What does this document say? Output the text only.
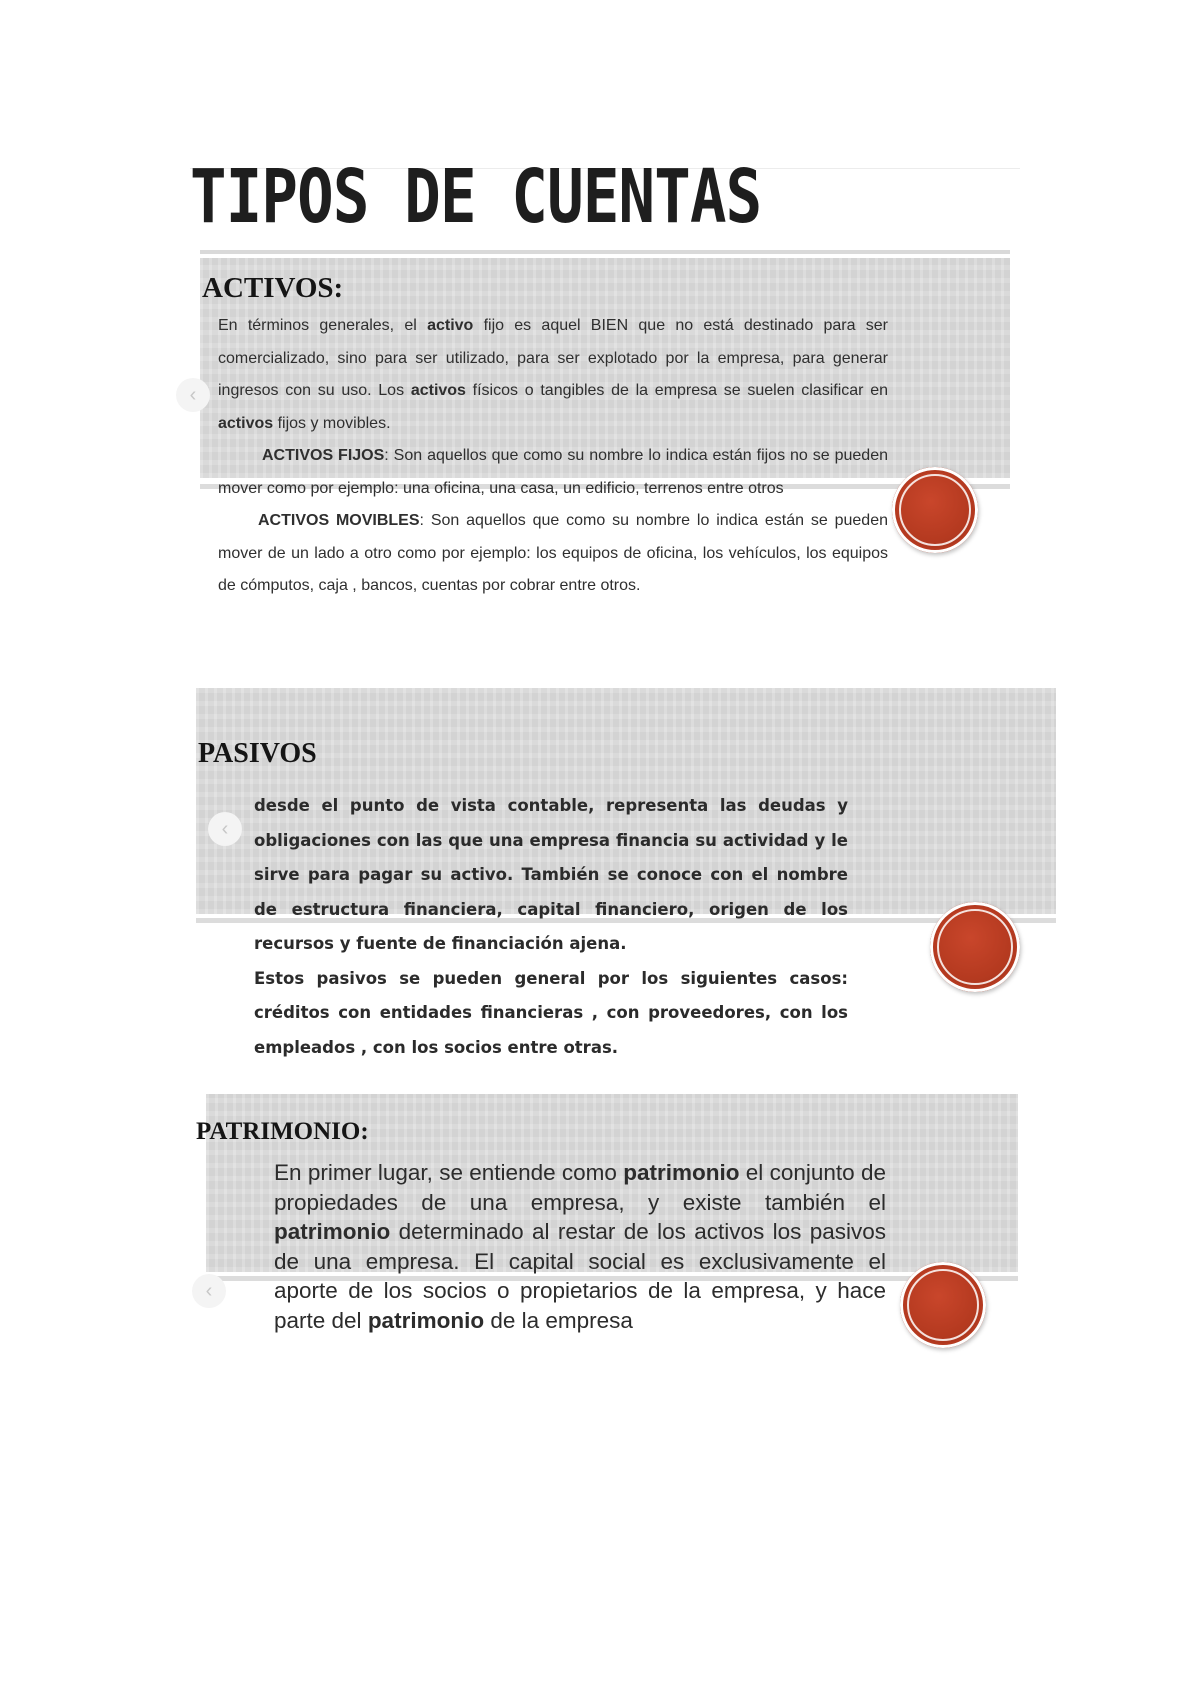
TIPOS DE CUENTAS
‹
ACTIVOS:

En términos generales, el activo fijo es aquel BIEN que no está destinado para ser comercializado, sino para ser utilizado, para ser explotado por la empresa, para generar ingresos con su uso. Los activos físicos o tangibles de la empresa se suelen clasificar en activos fijos y movibles.

ACTIVOS FIJOS: Son aquellos que como su nombre lo indica están fijos no se pueden mover como por ejemplo: una oficina, una casa, un edificio, terrenos entre otros

ACTIVOS MOVIBLES: Son aquellos que como su nombre lo indica están se pueden mover de un lado a otro como por ejemplo: los equipos de oficina, los vehículos, los equipos de cómputos, caja , bancos, cuentas por cobrar entre otros.

‹
PASIVOS

desde el punto de vista contable, representa las deudas y obligaciones con las que una empresa financia su actividad y le sirve para pagar su activo. También se conoce con el nombre de estructura financiera, capital financiero, origen de los recursos y fuente de financiación ajena.

Estos pasivos se pueden general por los siguientes casos: créditos con entidades financieras , con proveedores, con los empleados , con los socios entre otras.

‹
PATRIMONIO:

En primer lugar, se entiende como patrimonio el conjunto de propiedades de una empresa, y existe también el patrimonio determinado al restar de los activos los pasivos de una empresa. El capital social es exclusivamente el aporte de los socios o propietarios de la empresa, y hace parte del patrimonio de la empresa
